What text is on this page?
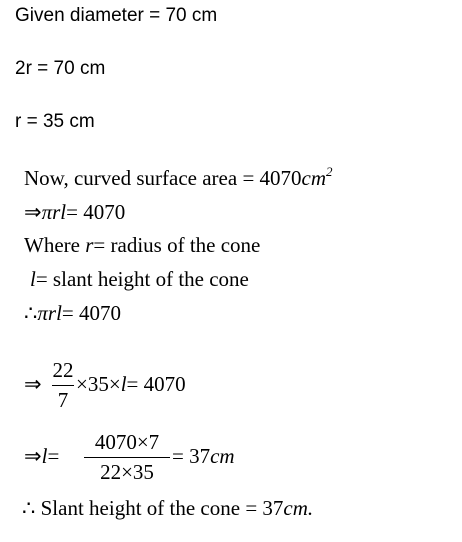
Given diameter = 70 cm
2r = 70 cm
r = 35 cm
Now, curved surface area = $4070cm^2$
⇒πrl= 4070
Where r= radius of the cone
l= slant height of the cone
∴πrl= 4070
⇒
22
7
×35×l= 4070
⇒l=
4070×7
22×35
= 37cm
∴ Slant height of the cone = 37cm.
